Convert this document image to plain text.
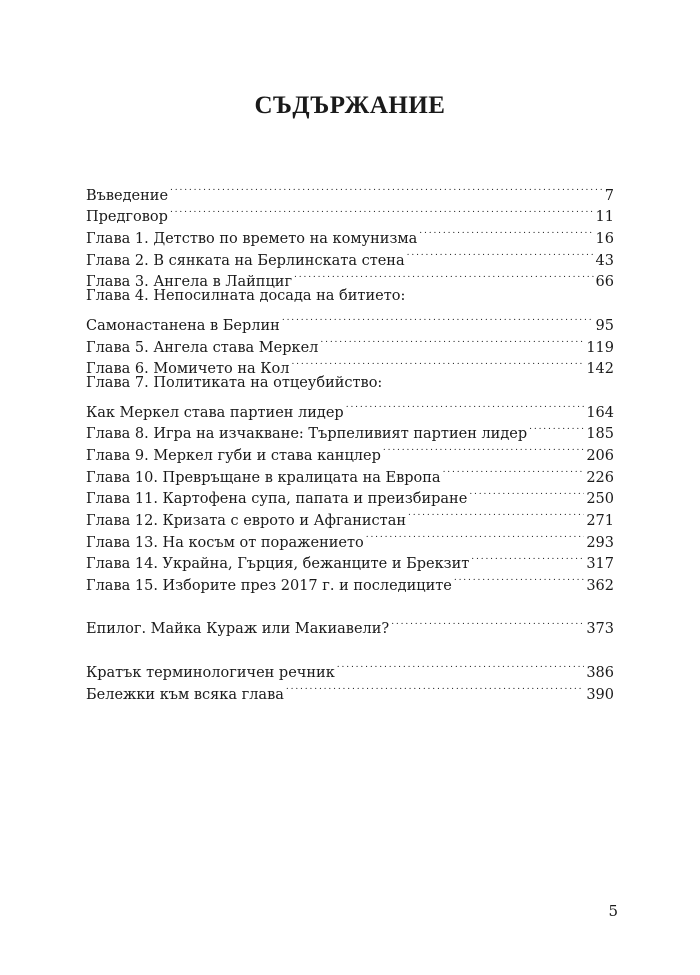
СЪДЪРЖАНИЕ
Въведение . . .	7
Предговор . . .	11
Глава 1. Детство по времето на комунизма . . .	16
Глава 2. В сянката на Берлинската стена . . .	43
Глава 3. Ангела в Лайпциг . . .	66
Глава 4. Непосилната досада на битието:
Самонастанена в Берлин . . .	95
Глава 5. Ангела става Меркел . . .	119
Глава 6. Момичето на Кол . . .	142
Глава 7. Политиката на отцеубийство:
Как Меркел става партиен лидер . . .	164
Глава 8. Игра на изчакване: Търпеливият партиен лидер . . .	185
Глава 9. Меркел губи и става канцлер . . .	206
Глава 10. Превръщане в кралицата на Европа . . .	226
Глава 11. Картофена супа, папата и преизбиране . . .	250
Глава 12. Кризата с еврото и Афганистан . . .	271
Глава 13. На косъм от поражението . . .	293
Глава 14. Украйна, Гърция, бежанците и Брекзит . . .	317
Глава 15. Изборите през 2017 г. и последиците . . .	362
Епилог. Майка Кураж или Макиавели? . . .	373
Кратък терминологичен речник . . .	386
Бележки към всяка глава . . .	390
5
